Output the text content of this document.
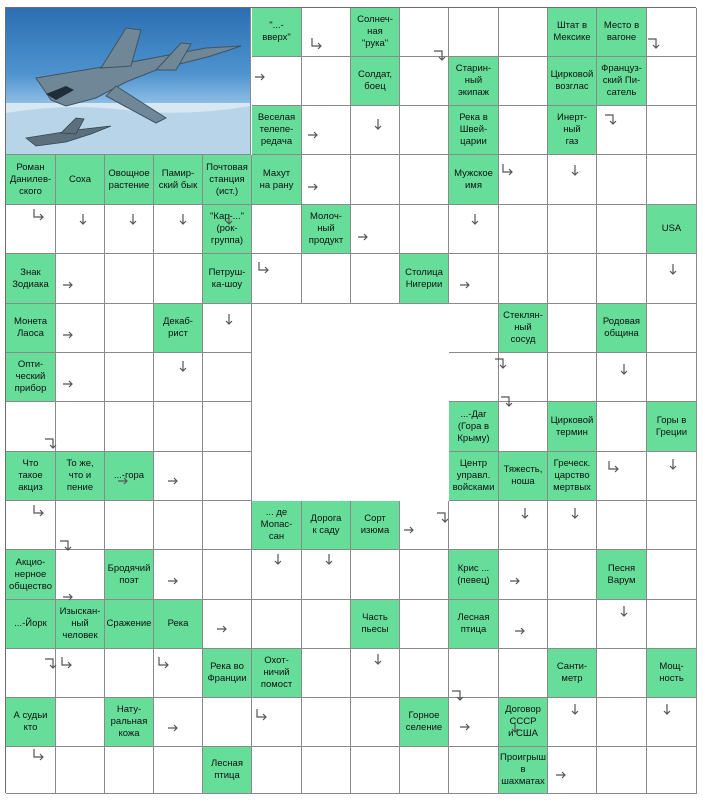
"...-
вверх"
Солнеч-
ная
"рука"
Штат в
Мексике
Место в
вагоне
Солдат,
боец
Старин-
ный
экипаж
Цирковой
возглас
Француз-
ский Пи-
сатель
Веселая
телепе-
редача
Река в
Швей-
царии
Инерт-
ный
газ
Роман
Данилев-
ского
Соха
Овощное
растение
Памир-
ский бык
Почтовая
станция
(ист.)
Махут
на рану
Мужское
имя
"Кар-..."
(рок-
группа)
Молоч-
ный
продукт
USA
Знак
Зодиака
Петруш-
ка-шоу
Столица
Нигерии
Монета
Лаоса
Декаб-
рист
Стеклян-
ный
сосуд
Родовая
община
Опти-
ческий
прибор
...-Даг
(Гора в
Крыму)
Цирковой
термин
Горы в
Греции
Что
такое
акциз
То же,
что и
пение
...-гора
Центр
управл.
войсками
Тяжесть,
ноша
Греческ.
царство
мертвых
... де
Мопас-
сан
Дорога
к саду
Сорт
изюма
Акцио-
нерное
общество
Бродячий
поэт
Крис ...
(певец)
Песня
Варум
...-Йорк
Изыскан-
ный
человек
Сражение	Река
Часть
пьесы
Лесная
птица
Река во
Франции
Охот-
ничий
помост
Санти-
метр
Мощ-
ность
А судьи
кто
Нату-
ральная
кожа
Горное
селение
Договор
СССР
и США
Лесная
птица
Проигрыш
в
шахматах
